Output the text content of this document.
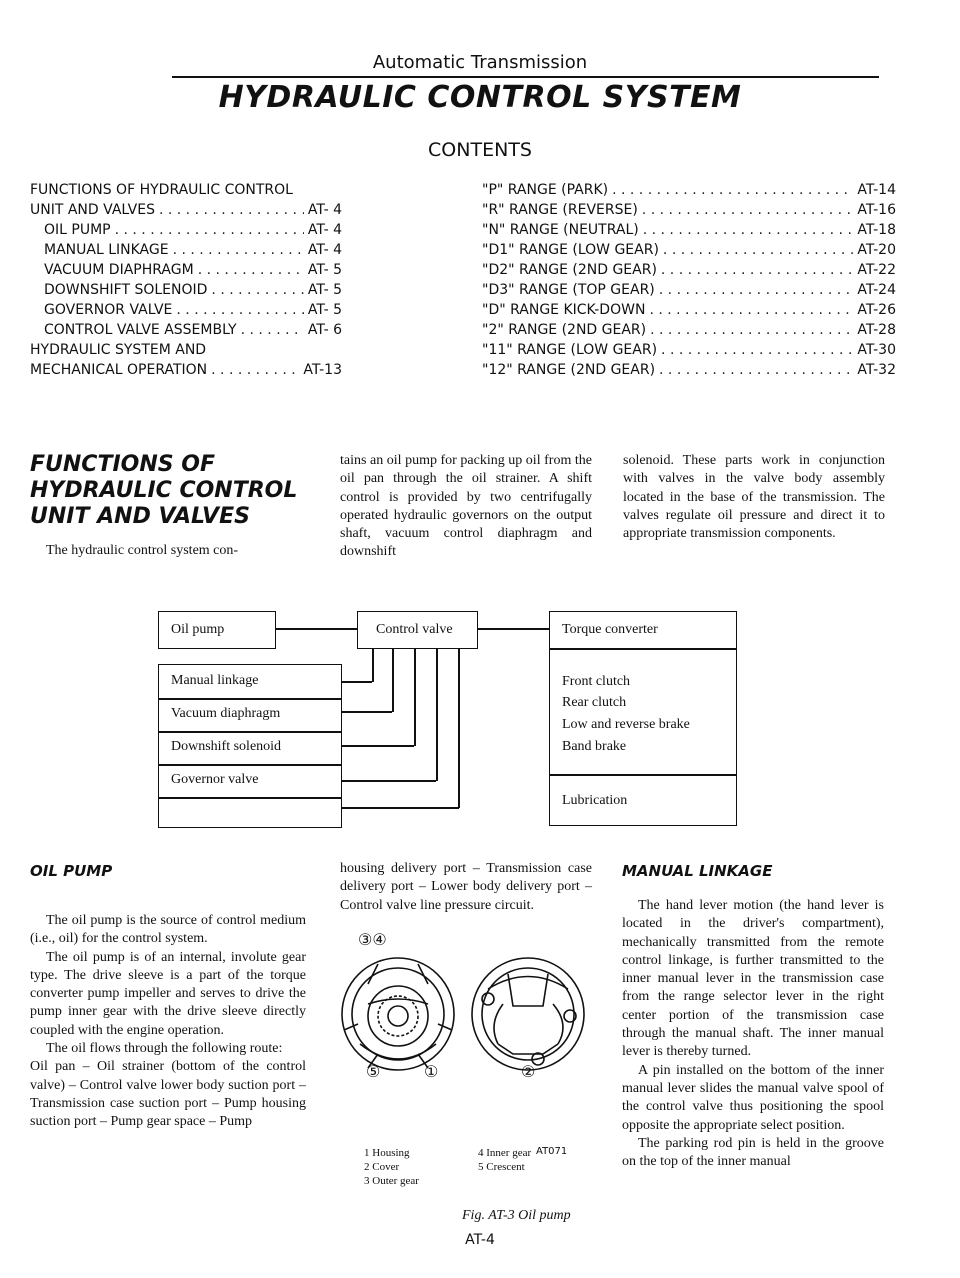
Automatic Transmission
HYDRAULIC CONTROL SYSTEM
CONTENTS
FUNCTIONS OF HYDRAULIC CONTROL
UNIT AND VALVES . . .	AT- 4
OIL PUMP . . .	AT- 4
MANUAL LINKAGE . . .	AT- 4
VACUUM DIAPHRAGM . . .	AT- 5
DOWNSHIFT SOLENOID . . .	AT- 5
GOVERNOR VALVE . . .	AT- 5
CONTROL VALVE ASSEMBLY . . .	AT- 6
HYDRAULIC SYSTEM AND
MECHANICAL OPERATION . . .	AT-13
"P" RANGE (PARK) . . .	AT-14
"R" RANGE (REVERSE) . . .	AT-16
"N" RANGE (NEUTRAL) . . .	AT-18
"D1" RANGE (LOW GEAR) . . .	AT-20
"D2" RANGE (2ND GEAR) . . .	AT-22
"D3" RANGE (TOP GEAR) . . .	AT-24
"D" RANGE KICK-DOWN . . .	AT-26
"2" RANGE (2ND GEAR) . . .	AT-28
"11" RANGE (LOW GEAR) . . .	AT-30
"12" RANGE (2ND GEAR) . . .	AT-32
FUNCTIONS OF
HYDRAULIC CONTROL
UNIT AND VALVES
The hydraulic control system con-
tains an oil pump for packing up oil from the oil pan through the oil strainer. A shift control is provided by two centrifugally operated hydraulic governors on the output shaft, vacuum control diaphragm and downshift
solenoid. These parts work in conjunction with valves in the valve body assembly located in the base of the transmission. The valves regulate oil pressure and direct it to appropriate transmission components.
Oil pump	Control valve	Torque converter
Manual linkage
Vacuum diaphragm
Downshift solenoid
Governor valve
Front clutch
Rear clutch
Low and reverse brake
Band brake
Lubrication
OIL PUMP

The oil pump is the source of control medium (i.e., oil) for the control system.

The oil pump is of an internal, involute gear type. The drive sleeve is a part of the torque converter pump impeller and serves to drive the pump inner gear with the drive sleeve directly coupled with the engine operation.

The oil flows through the following route:

Oil pan – Oil strainer (bottom of the control valve) – Control valve lower body suction port – Transmission case suction port – Pump housing suction port – Pump gear space – Pump

housing delivery port – Transmission case delivery port – Lower body delivery port – Control valve line pressure circuit.
③④
⑤	①	②
AT071
1 Housing
2 Cover
3 Outer gear
4 Inner gear
5 Crescent
Fig. AT-3 Oil pump
MANUAL LINKAGE

The hand lever motion (the hand lever is located in the driver's compartment), mechanically transmitted from the remote control linkage, is further transmitted to the inner manual lever in the transmission case from the range selector lever in the right center portion of the transmission case through the manual shaft. The inner manual lever is thereby turned.

A pin installed on the bottom of the inner manual lever slides the manual valve spool of the control valve thus positioning the spool opposite the appropriate select position.

The parking rod pin is held in the groove on the top of the inner manual

AT-4
